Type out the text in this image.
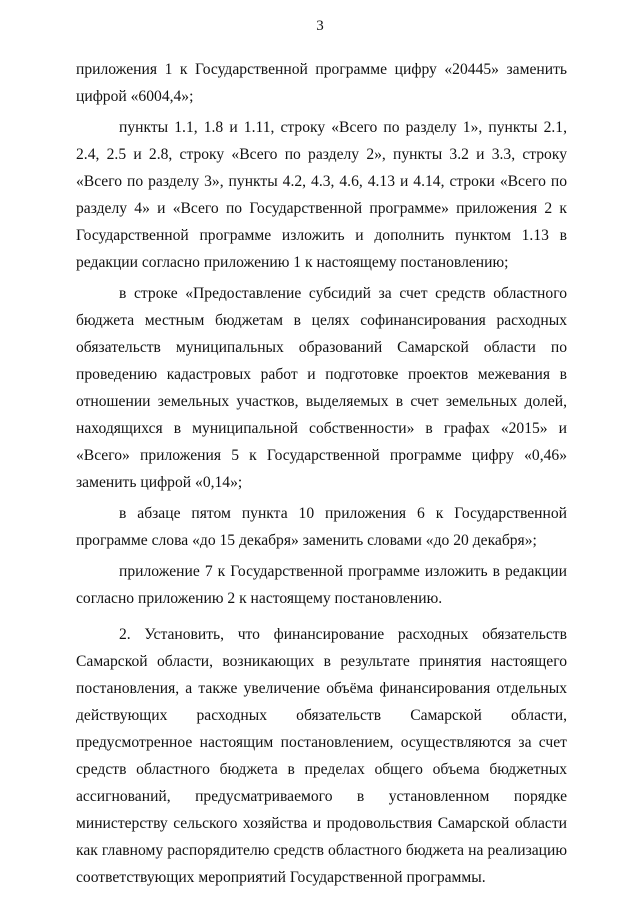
3

приложения 1 к Государственной программе цифру «20445» заменить цифрой «6004,4»;

пункты 1.1, 1.8 и 1.11, строку «Всего по разделу 1», пункты 2.1, 2.4, 2.5 и 2.8, строку «Всего по разделу 2», пункты 3.2 и 3.3, строку «Всего по разделу 3», пункты 4.2, 4.3, 4.6, 4.13 и 4.14, строки «Всего по разделу 4» и «Всего по Государственной программе» приложения 2 к Государственной программе изложить и дополнить пунктом 1.13 в редакции согласно приложению 1 к настоящему постановлению;

в строке «Предоставление субсидий за счет средств областного бюджета местным бюджетам в целях софинансирования расходных обязательств муниципальных образований Самарской области по проведению кадастровых работ и подготовке проектов межевания в отношении земельных участков, выделяемых в счет земельных долей, находящихся в муниципальной собственности» в графах «2015» и «Всего» приложения 5 к Государственной программе цифру «0,46» заменить цифрой «0,14»;

в абзаце пятом пункта 10 приложения 6 к Государственной программе слова «до 15 декабря» заменить словами «до 20 декабря»;

приложение 7 к Государственной программе изложить в редакции согласно приложению 2 к настоящему постановлению.

2. Установить, что финансирование расходных обязательств Самарской области, возникающих в результате принятия настоящего постановления, а также увеличение объёма финансирования отдельных действующих расходных обязательств Самарской области, предусмотренное настоящим постановлением, осуществляются за счет средств областного бюджета в пределах общего объема бюджетных ассигнований, предусматриваемого в установленном порядке министерству сельского хозяйства и продовольствия Самарской области как главному распорядителю средств областного бюджета на реализацию соответствующих мероприятий Государственной программы.
